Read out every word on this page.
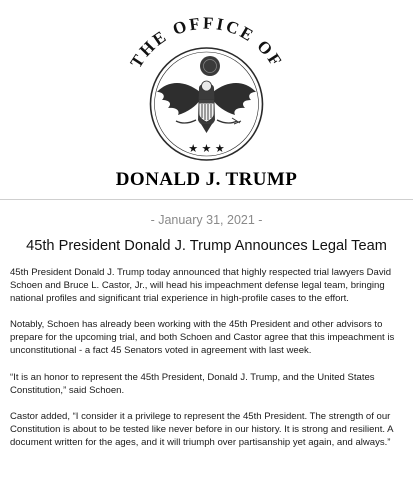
THE OFFICE OF
★ ★ ★
DONALD J. TRUMP
- January 31, 2021 -
45th President Donald J. Trump Announces Legal Team
45th President Donald J. Trump today announced that highly respected trial lawyers David
Schoen and Bruce L. Castor, Jr., will head his impeachment defense legal team, bringing
national profiles and significant trial experience in high-profile cases to the effort.
Notably, Schoen has already been working with the 45th President and other advisors to
prepare for the upcoming trial, and both Schoen and Castor agree that this impeachment is
unconstitutional - a fact 45 Senators voted in agreement with last week.
“It is an honor to represent the 45th President, Donald J. Trump, and the United States
Constitution,” said Schoen.
Castor added, “I consider it a privilege to represent the 45th President. The strength of our
Constitution is about to be tested like never before in our history. It is strong and resilient. A
document written for the ages, and it will triumph over partisanship yet again, and always.”
